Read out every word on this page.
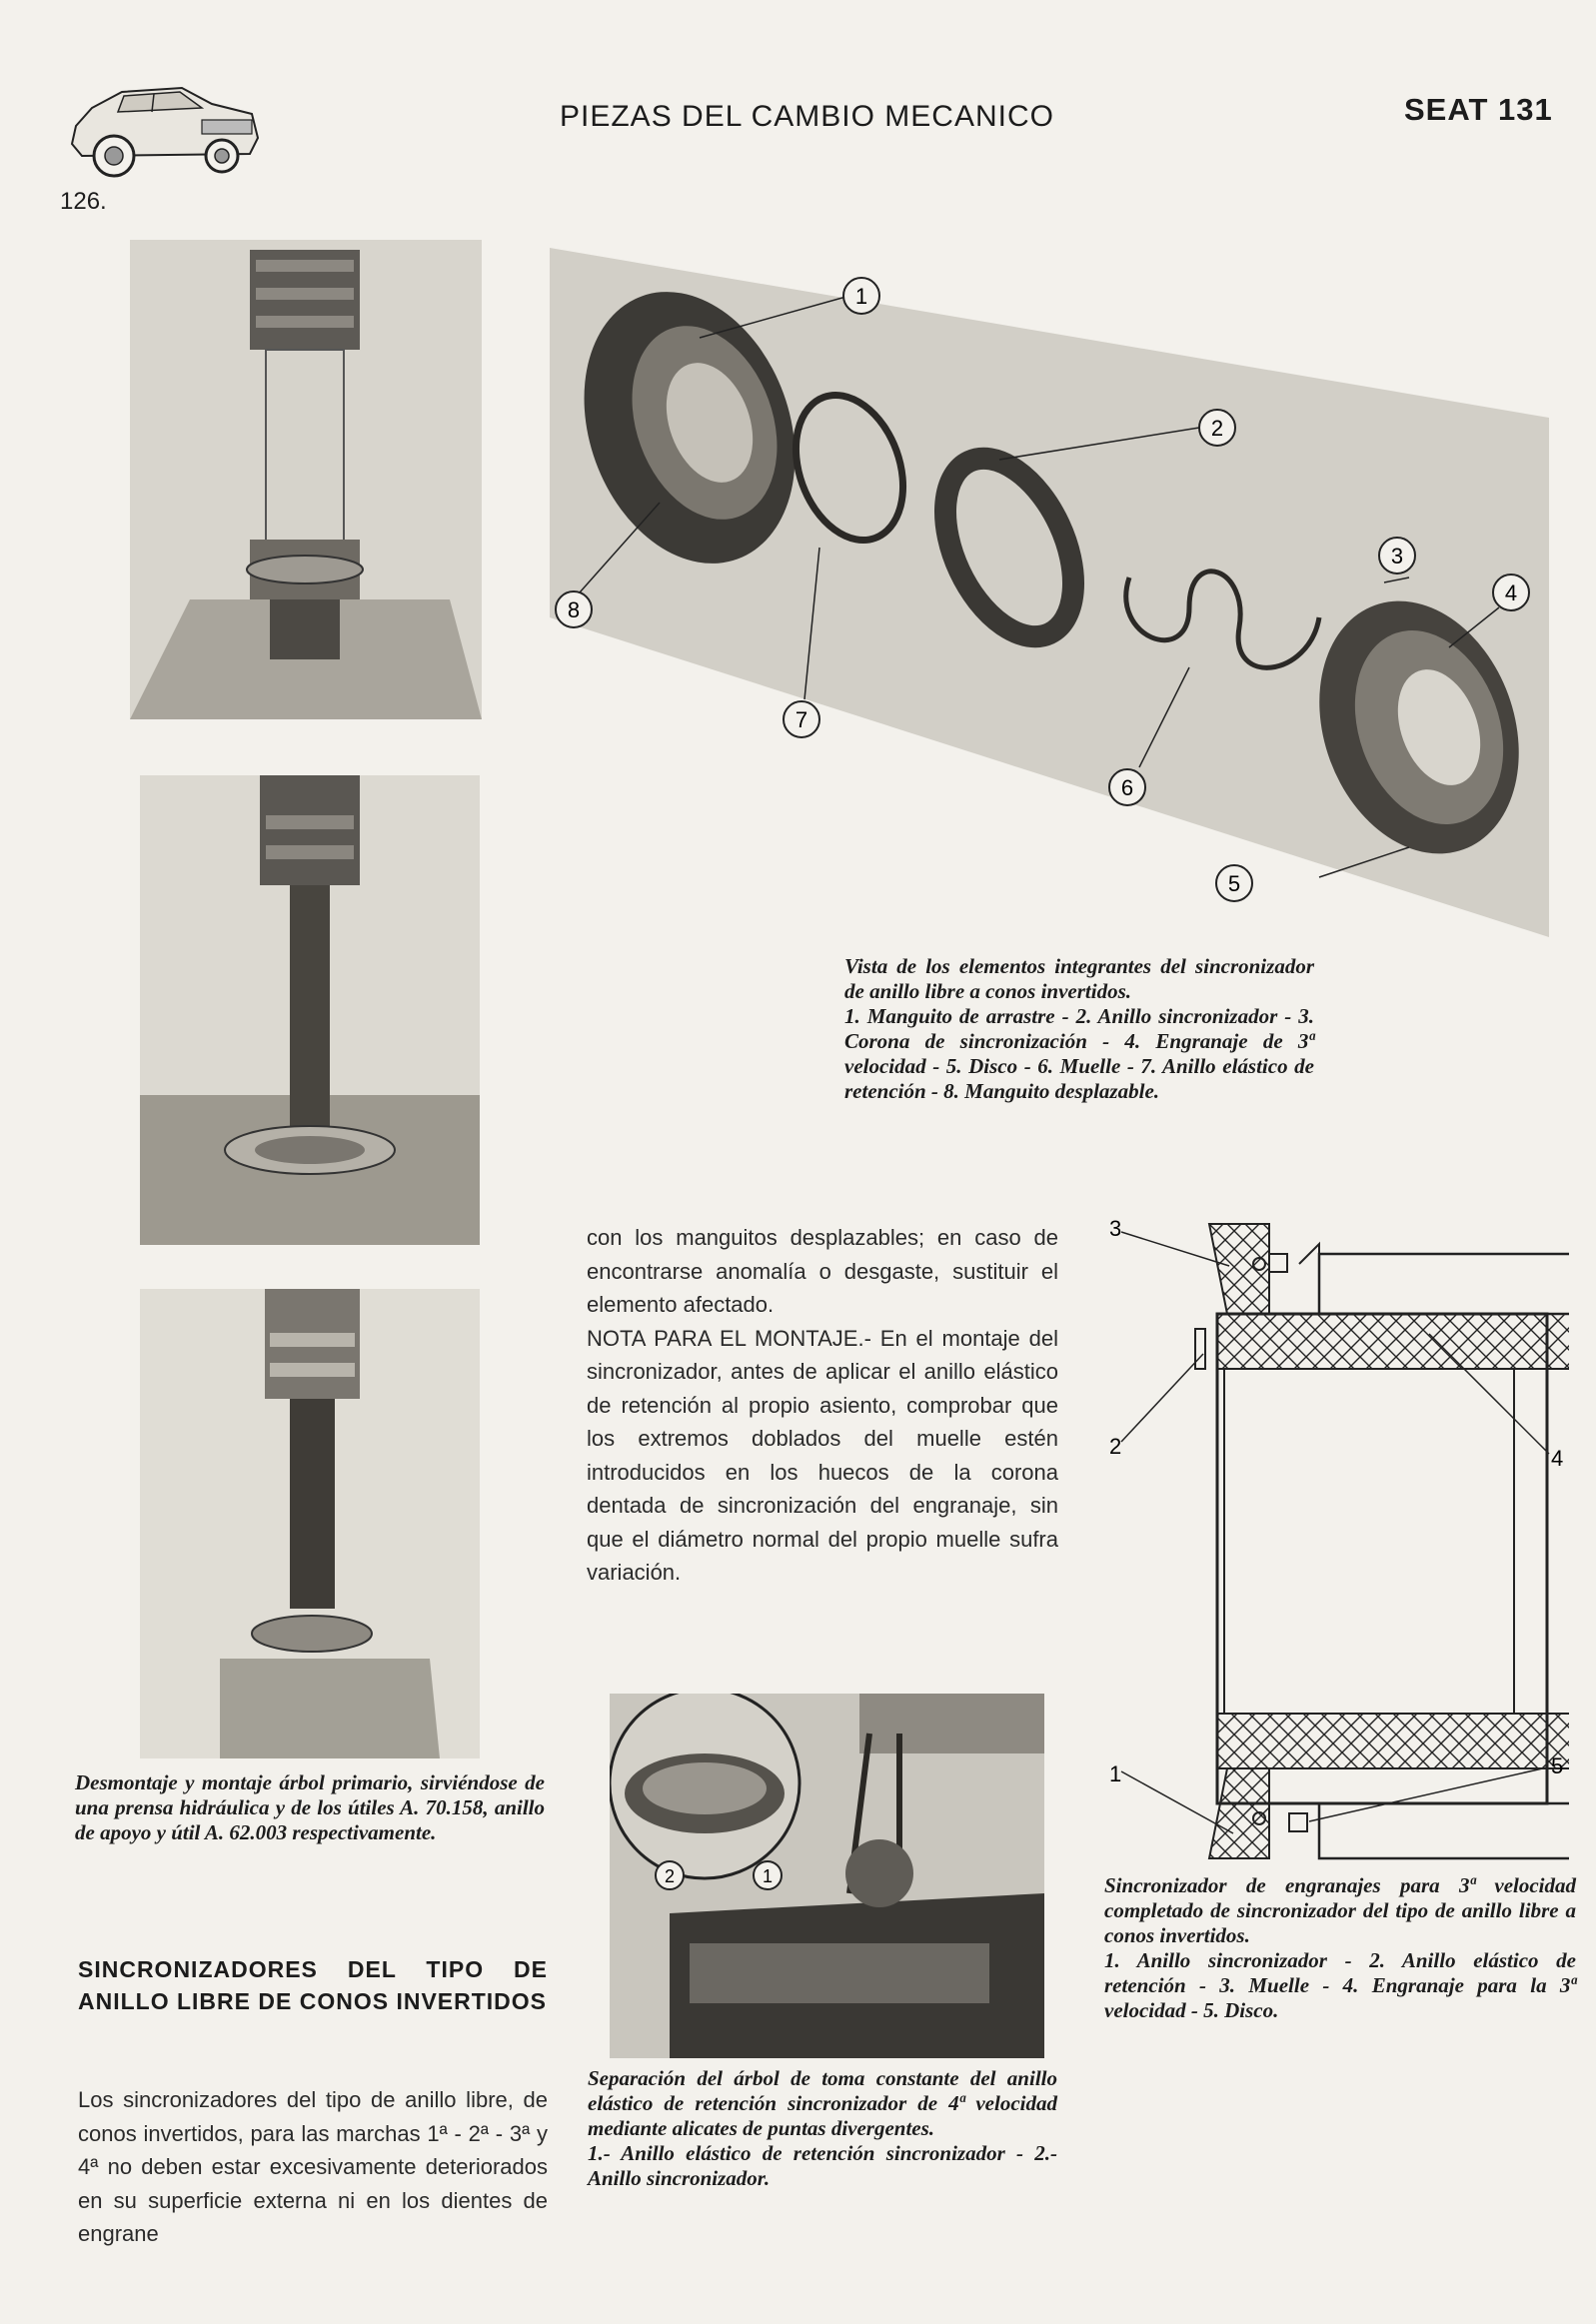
PIEZAS DEL CAMBIO MECANICO	SEAT 131
126.

Desmontaje y montaje árbol primario, sirviéndose de una prensa hidráulica y de los útiles A. 70.158, anillo de apoyo y útil A. 62.003 respectivamente.

1
2
3
4
5
6
7
8

Vista de los elementos integrantes del sincronizador de anillo libre a conos invertidos.

1. Manguito de arrastre - 2. Anillo sincronizador - 3. Corona de sincronización - 4. Engranaje de 3ª velocidad - 5. Disco - 6. Muelle - 7. Anillo elástico de retención - 8. Manguito desplazable.

con los manguitos desplazables; en caso de encontrarse anomalía o desgaste, sustituir el elemento afectado.

NOTA PARA EL MONTAJE.- En el montaje del sincronizador, antes de aplicar el anillo elástico de retención al propio asiento, comprobar que los extremos doblados del muelle estén introducidos en los huecos de la corona dentada de sincronización del engranaje, sin que el diámetro normal del propio muelle sufra variación.

3
2	4
1	5

Sincronizador de engranajes para 3ª velocidad completado de sincronizador del tipo de anillo libre a conos invertidos.

1. Anillo sincronizador - 2. Anillo elástico de retención - 3. Muelle - 4. Engranaje para la 3ª velocidad - 5. Disco.

2	1

Separación del árbol de toma constante del anillo elástico de retención sincronizador de 4ª velocidad mediante alicates de puntas divergentes.

1.- Anillo elástico de retención sincronizador - 2.- Anillo sincronizador.

SINCRONIZADORES DEL TIPO DE ANILLO LIBRE DE CONOS INVERTIDOS

Los sincronizadores del tipo de anillo libre, de conos invertidos, para las marchas 1ª - 2ª - 3ª y 4ª no deben estar excesivamente deteriorados en su superficie externa ni en los dientes de engrane
